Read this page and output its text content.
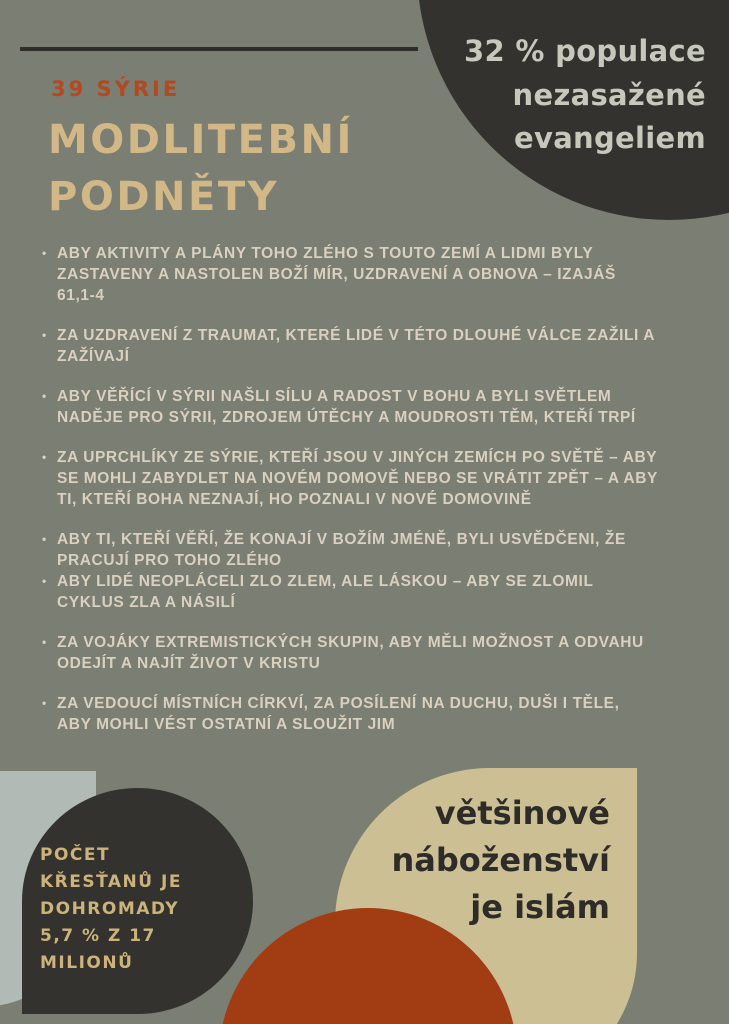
32 % populace
nezasažené
evangeliem
39 SÝRIE
MODLITEBNÍ
PODNĚTY
• ABY AKTIVITY A PLÁNY TOHO ZLÉHO S TOUTO ZEMÍ A LIDMI BYLY ZASTAVENY A NASTOLEN BOŽÍ MÍR, UZDRAVENÍ A OBNOVA – IZAJÁŠ 61,1-4
• ZA UZDRAVENÍ Z TRAUMAT, KTERÉ LIDÉ V TÉTO DLOUHÉ VÁLCE ZAŽILI A ZAŽÍVAJÍ
• ABY VĚŘÍCÍ V SÝRII NAŠLI SÍLU A RADOST V BOHU A BYLI SVĚTLEM NADĚJE PRO SÝRII, ZDROJEM ÚTĚCHY A MOUDROSTI TĚM, KTEŘÍ TRPÍ
• ZA UPRCHLÍKY ZE SÝRIE, KTEŘÍ JSOU V JINÝCH ZEMÍCH PO SVĚTĚ – ABY SE MOHLI ZABYDLET NA NOVÉM DOMOVĚ NEBO SE VRÁTIT ZPĚT – A ABY TI, KTEŘÍ BOHA NEZNAJÍ, HO POZNALI V NOVÉ DOMOVINĚ
• ABY TI, KTEŘÍ VĚŘÍ, ŽE KONAJÍ V BOŽÍM JMÉNĚ, BYLI USVĚDČENI, ŽE PRACUJÍ PRO TOHO ZLÉHO
• ABY LIDÉ NEOPLÁCELI ZLO ZLEM, ALE LÁSKOU – ABY SE ZLOMIL CYKLUS ZLA A NÁSILÍ
• ZA VOJÁKY EXTREMISTICKÝCH SKUPIN, ABY MĚLI MOŽNOST A ODVAHU ODEJÍT A NAJÍT ŽIVOT V KRISTU
• ZA VEDOUCÍ MÍSTNÍCH CÍRKVÍ, ZA POSÍLENÍ NA DUCHU, DUŠI I TĚLE, ABY MOHLI VÉST OSTATNÍ A SLOUŽIT JIM
většinové
náboženství
je islám
POČET
KŘESŤANŮ JE
DOHROMADY
5,7 % Z 17
MILIONŮ
